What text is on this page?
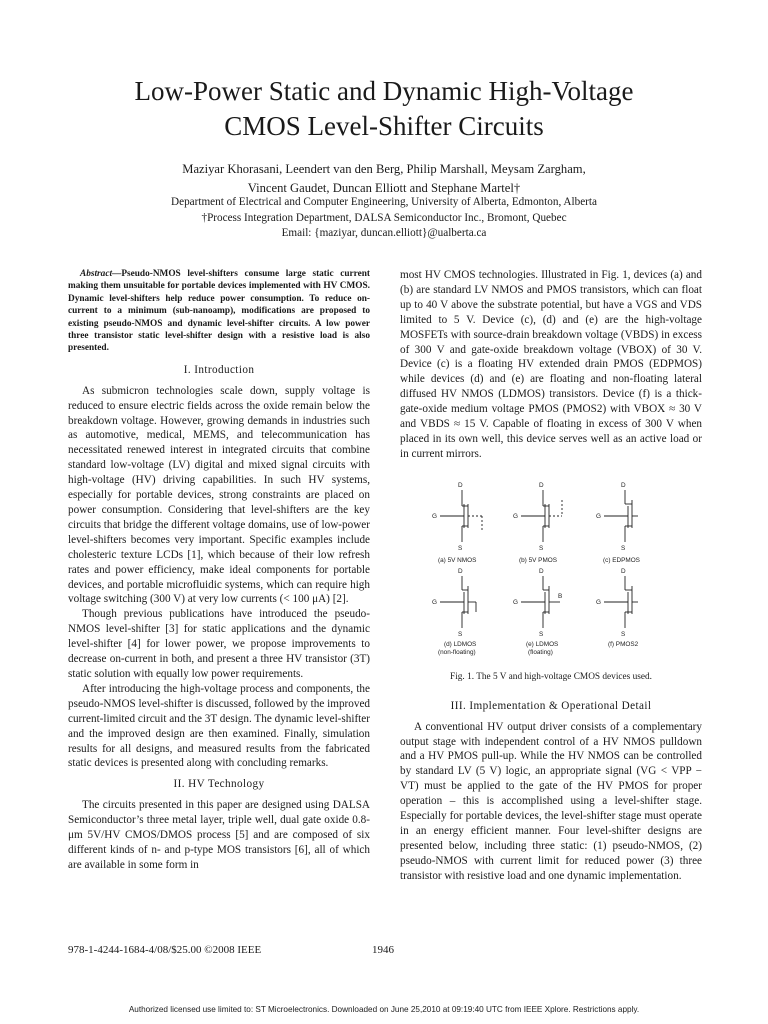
Low-Power Static and Dynamic High-Voltage
CMOS Level-Shifter Circuits
Maziyar Khorasani, Leendert van den Berg, Philip Marshall, Meysam Zargham,
Vincent Gaudet, Duncan Elliott and Stephane Martel†
Department of Electrical and Computer Engineering, University of Alberta, Edmonton, Alberta
†Process Integration Department, DALSA Semiconductor Inc., Bromont, Quebec
Email: {maziyar, duncan.elliott}@ualberta.ca

Abstract—Pseudo-NMOS level-shifters consume large static current making them unsuitable for portable devices implemented with HV CMOS. Dynamic level-shifters help reduce power consumption. To reduce on-current to a minimum (sub-nanoamp), modifications are proposed to existing pseudo-NMOS and dynamic level-shifter circuits. A low power three transistor static level-shifter design with a resistive load is also presented.

I. Introduction

As submicron technologies scale down, supply voltage is reduced to ensure electric fields across the oxide remain below the breakdown voltage. However, growing demands in industries such as automotive, medical, MEMS, and telecommunication has necessitated renewed interest in integrated circuits that combine standard low-voltage (LV) digital and mixed signal circuits with high-voltage (HV) driving capabilities. In such HV systems, especially for portable devices, strong constraints are placed on power consumption. Considering that level-shifters are the key circuits that bridge the different voltage domains, use of low-power level-shifters becomes very important. Specific examples include cholesteric texture LCDs [1], which because of their low refresh rates and power efficiency, make ideal components for portable devices, and portable microfluidic systems, which can require high voltage switching (300 V) at very low currents (< 100 μA) [2].

Though previous publications have introduced the pseudo-NMOS level-shifter [3] for static applications and the dynamic level-shifter [4] for lower power, we propose improvements to decrease on-current in both, and present a three HV transistor (3T) static solution with equally low power requirements.

After introducing the high-voltage process and components, the pseudo-NMOS level-shifter is discussed, followed by the improved current-limited circuit and the 3T design. The dynamic level-shifter and the improved design are then examined. Finally, simulation results for all designs, and measured results from the fabricated static devices is presented along with concluding remarks.

II. HV Technology

The circuits presented in this paper are designed using DALSA Semiconductor’s three metal layer, triple well, dual gate oxide 0.8-μm 5V/HV CMOS/DMOS process [5] and are composed of six different kinds of n- and p-type MOS transistors [6], all of which are available in some form in

most HV CMOS technologies. Illustrated in Fig. 1, devices (a) and (b) are standard LV NMOS and PMOS transistors, which can float up to 40 V above the substrate potential, but have a VGS and VDS limited to 5 V. Device (c), (d) and (e) are the high-voltage MOSFETs with source-drain breakdown voltage (VBDS) in excess of 300 V and gate-oxide breakdown voltage (VBOX) of 30 V. Device (c) is a floating HV extended drain PMOS (EDPMOS) while devices (d) and (e) are floating and non-floating lateral diffused HV NMOS (LDMOS) transistors. Device (f) is a thick-gate-oxide medium voltage PMOS (PMOS2) with VBOX ≈ 30 V and VBDS ≈ 15 V. Capable of floating in excess of 300 V when placed in its own well, this device serves well as an active load or in current mirrors.

D
G
S
D
G
S
D
G
S
D
G
S
D
G
B
S
D
G
S
(a) 5V NMOS	(b) 5V PMOS	(c) EDPMOS
(d) LDMOS
(non-floating)
(e) LDMOS
(floating)
(f) PMOS2
Fig. 1. The 5 V and high-voltage CMOS devices used.
III. Implementation & Operational Detail

A conventional HV output driver consists of a complementary output stage with independent control of a HV NMOS pulldown and a HV PMOS pull-up. While the HV NMOS can be controlled by standard LV (5 V) logic, an appropriate signal (VG < VPP − VT) must be applied to the gate of the HV PMOS for proper operation – this is accomplished using a level-shifter stage. Especially for portable devices, the level-shifter stage must operate in an energy efficient manner. Four level-shifter designs are presented below, including three static: (1) pseudo-NMOS, (2) pseudo-NMOS with current limit for reduced power (3) three transistor with resistive load and one dynamic implementation.

978-1-4244-1684-4/08/$25.00 ©2008 IEEE	1946
Authorized licensed use limited to: ST Microelectronics. Downloaded on June 25,2010 at 09:19:40 UTC from IEEE Xplore. Restrictions apply.
